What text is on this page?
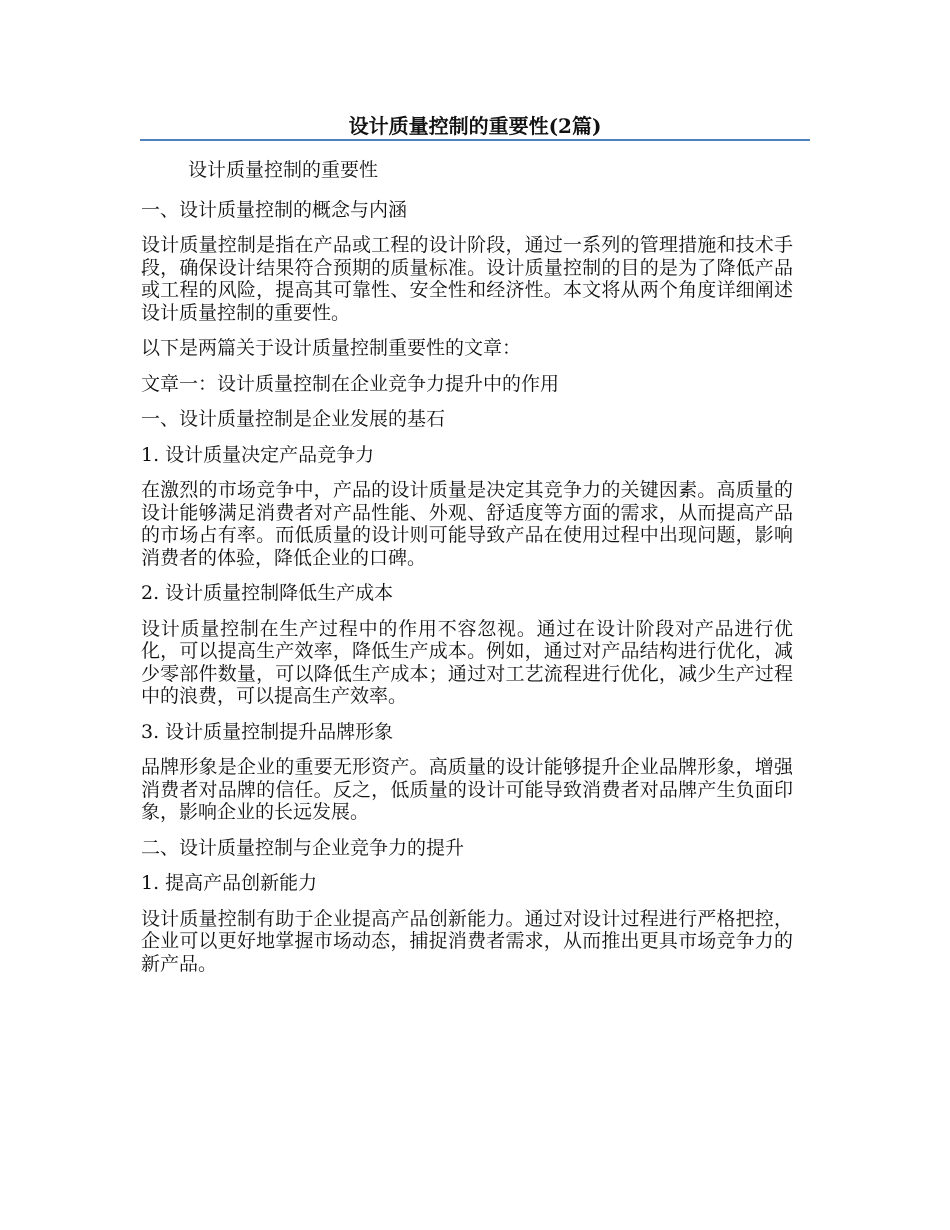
设计质量控制的重要性(2篇)

设计质量控制的重要性

一、设计质量控制的概念与内涵

设计质量控制是指在产品或工程的设计阶段，通过一系列的管理措施和技术手段，确保设计结果符合预期的质量标准。设计质量控制的目的是为了降低产品或工程的风险，提高其可靠性、安全性和经济性。本文将从两个角度详细阐述设计质量控制的重要性。

以下是两篇关于设计质量控制重要性的文章：

文章一：设计质量控制在企业竞争力提升中的作用

一、设计质量控制是企业发展的基石

1. 设计质量决定产品竞争力

在激烈的市场竞争中，产品的设计质量是决定其竞争力的关键因素。高质量的设计能够满足消费者对产品性能、外观、舒适度等方面的需求，从而提高产品的市场占有率。而低质量的设计则可能导致产品在使用过程中出现问题，影响消费者的体验，降低企业的口碑。

2. 设计质量控制降低生产成本

设计质量控制在生产过程中的作用不容忽视。通过在设计阶段对产品进行优化，可以提高生产效率，降低生产成本。例如，通过对产品结构进行优化，减少零部件数量，可以降低生产成本；通过对工艺流程进行优化，减少生产过程中的浪费，可以提高生产效率。

3. 设计质量控制提升品牌形象

品牌形象是企业的重要无形资产。高质量的设计能够提升企业品牌形象，增强消费者对品牌的信任。反之，低质量的设计可能导致消费者对品牌产生负面印象，影响企业的长远发展。

二、设计质量控制与企业竞争力的提升

1. 提高产品创新能力

设计质量控制有助于企业提高产品创新能力。通过对设计过程进行严格把控，企业可以更好地掌握市场动态，捕捉消费者需求，从而推出更具市场竞争力的新产品。
